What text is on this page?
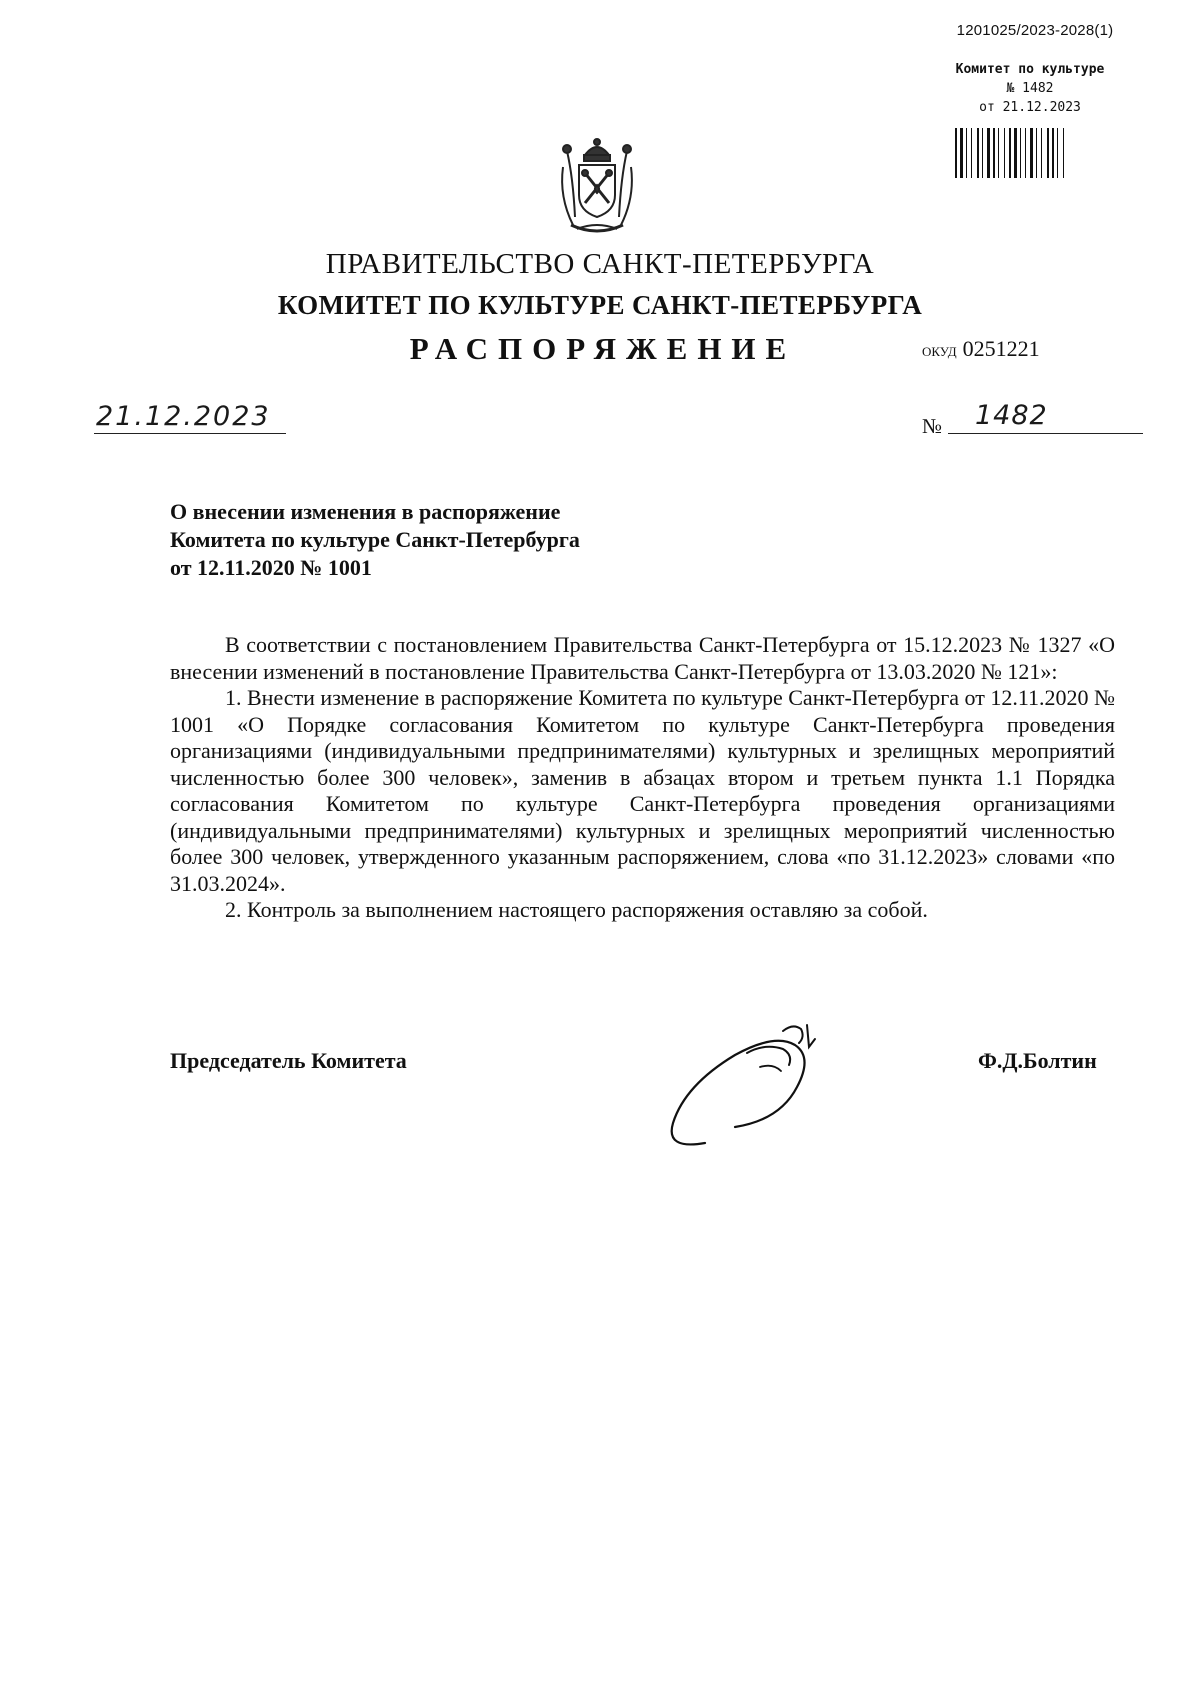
1201025/2023-2028(1)
Комитет по культуре
№ 1482
от 21.12.2023
ПРАВИТЕЛЬСТВО САНКТ-ПЕТЕРБУРГА
КОМИТЕТ ПО КУЛЬТУРЕ САНКТ-ПЕТЕРБУРГА
РАСПОРЯЖЕНИЕ	ОКУД 0251221
21.12.2023	№ 1482
О внесении изменения в распоряжение
Комитета по культуре Санкт-Петербурга
от 12.11.2020 № 1001

В соответствии с постановлением Правительства Санкт-Петербурга от 15.12.2023 № 1327 «О внесении изменений в постановление Правительства Санкт-Петербурга от 13.03.2020 № 121»:

1. Внести изменение в распоряжение Комитета по культуре Санкт-Петербурга от 12.11.2020 № 1001 «О Порядке согласования Комитетом по культуре Санкт-Петербурга проведения организациями (индивидуальными предпринимателями) культурных и зрелищных мероприятий численностью более 300 человек», заменив в абзацах втором и третьем пункта 1.1 Порядка согласования Комитетом по культуре Санкт-Петербурга проведения организациями (индивидуальными предпринимателями) культурных и зрелищных мероприятий численностью более 300 человек, утвержденного указанным распоряжением, слова «по 31.12.2023» словами «по 31.03.2024».

2. Контроль за выполнением настоящего распоряжения оставляю за собой.

Председатель Комитета	Ф.Д.Болтин
